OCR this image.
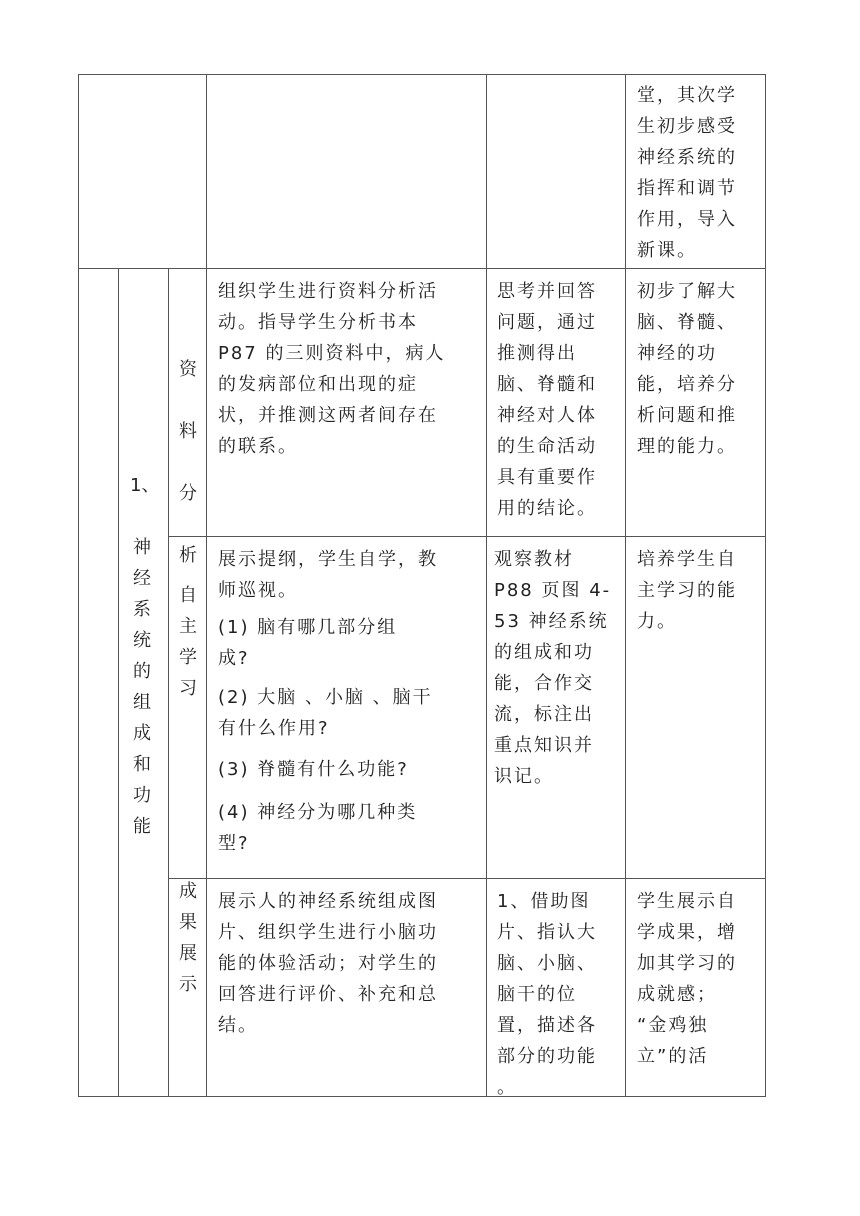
堂，其次学
生初步感受
神经系统的
指挥和调节
作用，导入
新课。
1、

神
经
系
统
的
组
成
和
功
能
资

料

分

析
组织学生进行资料分析活
动。指导学生分析书本
P87 的三则资料中，病人
的发病部位和出现的症
状，并推测这两者间存在
的联系。
思考并回答
问题，通过
推测得出
脑、脊髓和
神经对人体
的生命活动
具有重要作
用的结论。
初步了解大
脑、脊髓、
神经的功
能，培养分
析问题和推
理的能力。
自
主
学
习
展示提纲，学生自学，教
师巡视。
(1) 脑有哪几部分组
成?
(2) 大脑 、小脑 、脑干
有什么作用?
(3) 脊髓有什么功能?
(4) 神经分为哪几种类
型?
观察教材
P88 页图 4-
53 神经系统
的组成和功
能，合作交
流，标注出
重点知识并
识记。
培养学生自
主学习的能
力。
成
果
展
示
展示人的神经系统组成图
片、组织学生进行小脑功
能的体验活动；对学生的
回答进行评价、补充和总
结。
1、借助图
片、指认大
脑、小脑、
脑干的位
置，描述各
部分的功能
。
学生展示自
学成果，增
加其学习的
成就感；
“金鸡独
立”的活
